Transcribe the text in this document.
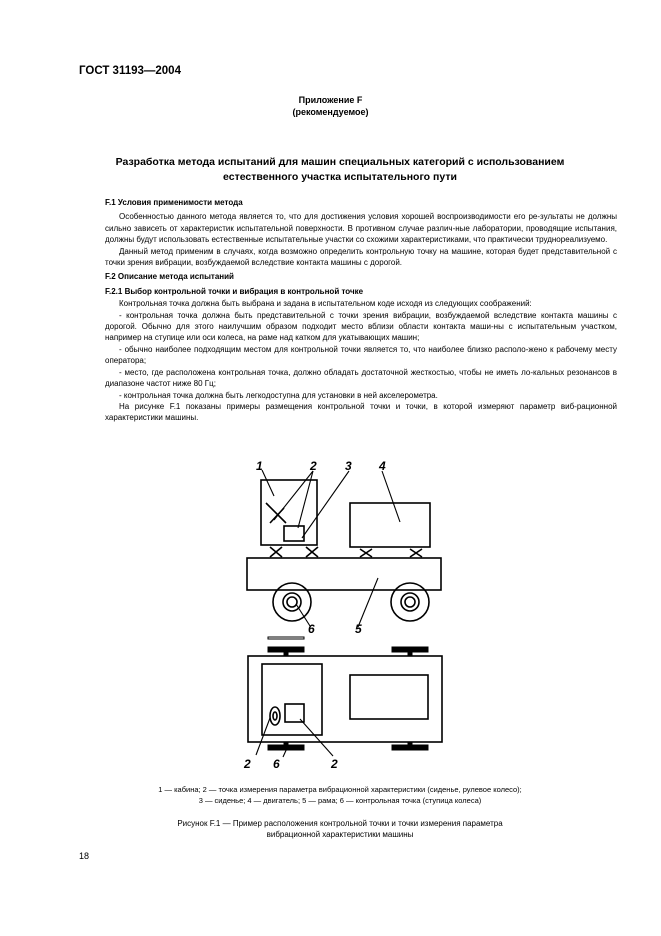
ГОСТ 31193—2004
Приложение F
(рекомендуемое)
Разработка метода испытаний для машин специальных категорий с использованием
естественного участка испытательного пути

F.1 Условия применимости метода

Особенностью данного метода является то, что для достижения условия хорошей воспроизводимости его ре-зультаты не должны сильно зависеть от характеристик испытательной поверхности. В противном случае различ-ные лаборатории, проводящие испытания, должны будут использовать естественные испытательные участки со схожими характеристиками, что практически труднореализуемо.

Данный метод применим в случаях, когда возможно определить контрольную точку на машине, которая будет представительной с точки зрения вибрации, возбуждаемой вследствие контакта машины с дорогой.

F.2 Описание метода испытаний

F.2.1 Выбор контрольной точки и вибрация в контрольной точке

Контрольная точка должна быть выбрана и задана в испытательном коде исходя из следующих соображений:

- контрольная точка должна быть представительной с точки зрения вибрации, возбуждаемой вследствие контакта машины с дорогой. Обычно для этого наилучшим образом подходит место вблизи области контакта маши-ны с испытательным участком, например на ступице или оси колеса, на раме над катком для укатывающих машин;

- обычно наиболее подходящим местом для контрольной точки является то, что наиболее близко располо-жено к рабочему месту оператора;

- место, где расположена контрольная точка, должно обладать достаточной жесткостью, чтобы не иметь ло-кальных резонансов в диапазоне частот ниже 80 Гц;

- контрольная точка должна быть легкодоступна для установки в ней акселерометра.

На рисунке F.1 показаны примеры размещения контрольной точки и точки, в которой измеряют параметр виб-рационной характеристики машины.

1	2 3 4
5
6
2 6	2
1 — кабина; 2 — точка измерения параметра вибрационной характеристики (сиденье, рулевое колесо);
3 — сиденье; 4 — двигатель; 5 — рама; 6 — контрольная точка (ступица колеса)
Рисунок F.1 — Пример расположения контрольной точки и точки измерения параметра
вибрационной характеристики машины
18
